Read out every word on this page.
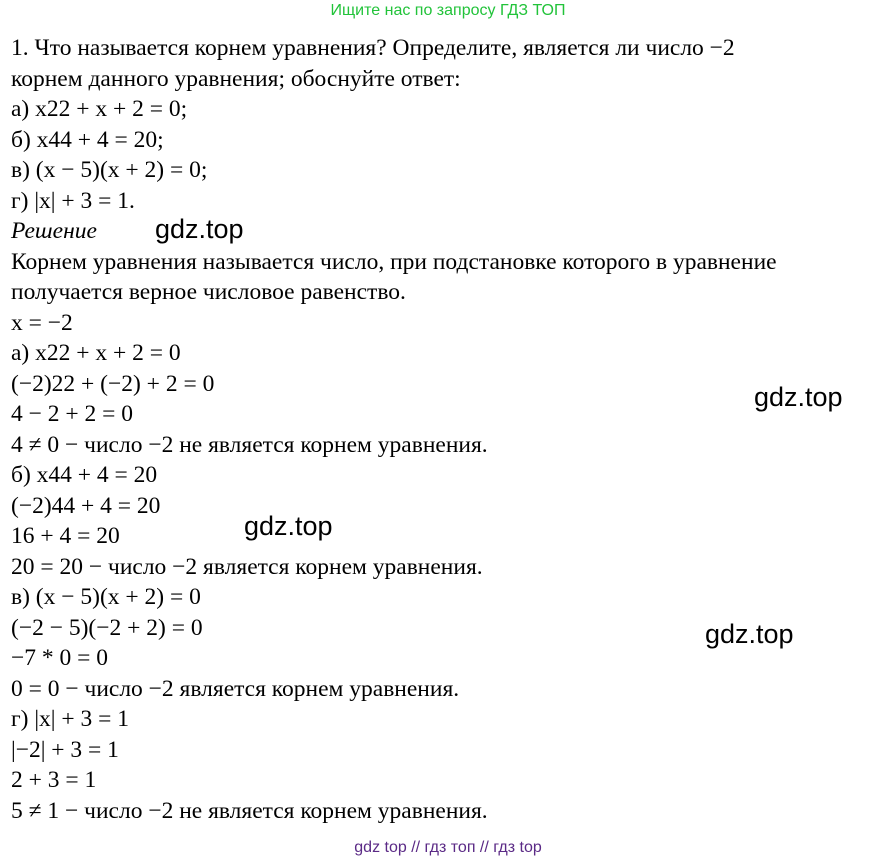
Ищите нас по запросу ГДЗ ТОП
1. Что называется корнем уравнения? Определите, является ли число −2
корнем данного уравнения; обоснуйте ответ:
а) x22 + x + 2 = 0;
б) x44 + 4 = 20;
в) (x − 5)(x + 2) = 0;
г) |x| + 3 = 1.
Решение
Корнем уравнения называется число, при подстановке которого в уравнение
получается верное числовое равенство.
x = −2
а) x22 + x + 2 = 0
(−2)22 + (−2) + 2 = 0
4 − 2 + 2 = 0
4 ≠ 0 − число −2 не является корнем уравнения.
б) x44 + 4 = 20
(−2)44 + 4 = 20
16 + 4 = 20
20 = 20 − число −2 является корнем уравнения.
в) (x − 5)(x + 2) = 0
(−2 − 5)(−2 + 2) = 0
−7 * 0 = 0
0 = 0 − число −2 является корнем уравнения.
г) |x| + 3 = 1
|−2| + 3 = 1
2 + 3 = 1
5 ≠ 1 − число −2 не является корнем уравнения.
gdz.top
gdz.top
gdz.top
gdz.top
gdz top // гдз топ // гдз top
